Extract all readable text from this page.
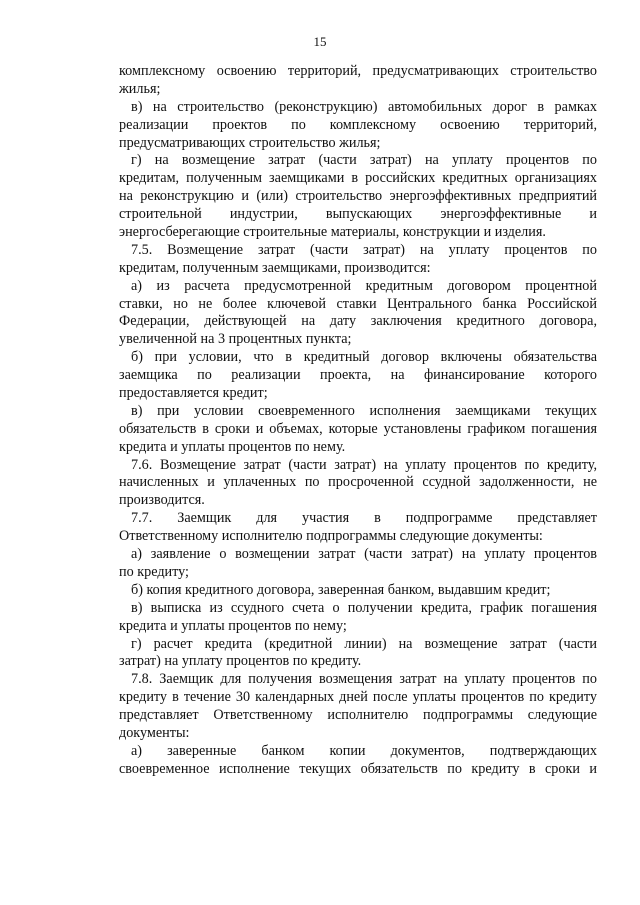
15
комплексному освоению территорий, предусматривающих строительство
жилья;
в) на строительство (реконструкцию) автомобильных дорог в рамках
реализации проектов по комплексному освоению территорий,
предусматривающих строительство жилья;
г) на возмещение затрат (части затрат) на уплату процентов по
кредитам, полученным заемщиками в российских кредитных организациях
на реконструкцию и (или) строительство энергоэффективных предприятий
строительной индустрии, выпускающих энергоэффективные и
энергосберегающие строительные материалы, конструкции и изделия.
7.5. Возмещение затрат (части затрат) на уплату процентов по
кредитам, полученным заемщиками, производится:
а) из расчета предусмотренной кредитным договором процентной
ставки, но не более ключевой ставки Центрального банка Российской
Федерации, действующей на дату заключения кредитного договора,
увеличенной на 3 процентных пункта;
б) при условии, что в кредитный договор включены обязательства
заемщика по реализации проекта, на финансирование которого
предоставляется кредит;
в) при условии своевременного исполнения заемщиками текущих
обязательств в сроки и объемах, которые установлены графиком погашения
кредита и уплаты процентов по нему.
7.6. Возмещение затрат (части затрат) на уплату процентов по кредиту,
начисленных и уплаченных по просроченной ссудной задолженности, не
производится.
7.7. Заемщик для участия в подпрограмме представляет
Ответственному исполнителю подпрограммы следующие документы:
а) заявление о возмещении затрат (части затрат) на уплату процентов
по кредиту;
б) копия кредитного договора, заверенная банком, выдавшим кредит;
в) выписка из ссудного счета о получении кредита, график погашения
кредита и уплаты процентов по нему;
г) расчет кредита (кредитной линии) на возмещение затрат (части
затрат) на уплату процентов по кредиту.
7.8. Заемщик для получения возмещения затрат на уплату процентов по
кредиту в течение 30 календарных дней после уплаты процентов по кредиту
представляет Ответственному исполнителю подпрограммы следующие
документы:
а) заверенные банком копии документов, подтверждающих
своевременное исполнение текущих обязательств по кредиту в сроки и
